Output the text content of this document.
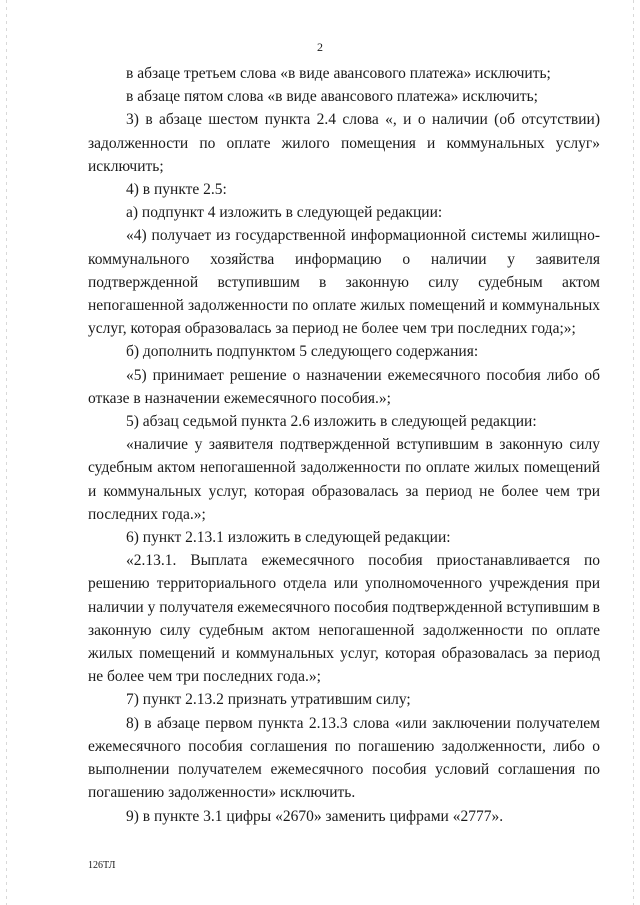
2

в абзаце третьем слова «в виде авансового платежа» исключить;

в абзаце пятом слова «в виде авансового платежа» исключить;

3) в абзаце шестом пункта 2.4 слова «, и о наличии (об отсутствии) задолженности по оплате жилого помещения и коммунальных услуг» исключить;

4) в пункте 2.5:

а) подпункт 4 изложить в следующей редакции:

«4) получает из государственной информационной системы жилищно-коммунального хозяйства информацию о наличии у заявителя подтвержденной вступившим в законную силу судебным актом непогашенной задолженности по оплате жилых помещений и коммунальных услуг, которая образовалась за период не более чем три последних года;»;

б) дополнить подпунктом 5 следующего содержания:

«5) принимает решение о назначении ежемесячного пособия либо об отказе в назначении ежемесячного пособия.»;

5) абзац седьмой пункта 2.6 изложить в следующей редакции:

«наличие у заявителя подтвержденной вступившим в законную силу судебным актом непогашенной задолженности по оплате жилых помещений и коммунальных услуг, которая образовалась за период не более чем три последних года.»;

6) пункт 2.13.1 изложить в следующей редакции:

«2.13.1. Выплата ежемесячного пособия приостанавливается по решению территориального отдела или уполномоченного учреждения при наличии у получателя ежемесячного пособия подтвержденной вступившим в законную силу судебным актом непогашенной задолженности по оплате жилых помещений и коммунальных услуг, которая образовалась за период не более чем три последних года.»;

7) пункт 2.13.2 признать утратившим силу;

8) в абзаце первом пункта 2.13.3 слова «или заключении получателем ежемесячного пособия соглашения по погашению задолженности, либо о выполнении получателем ежемесячного пособия условий соглашения по погашению задолженности» исключить.

9) в пункте 3.1 цифры «2670» заменить цифрами «2777».

126ТЛ
